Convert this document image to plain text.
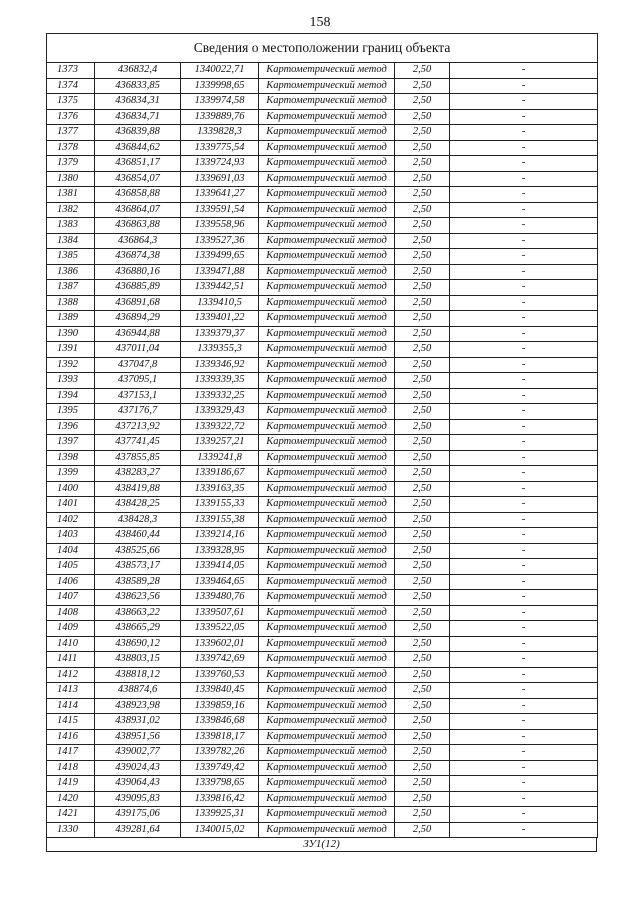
158
Сведения о местоположении границ объекта					
1373	436832,4	1340022,71	Картометрический метод	2,50	-
1374	436833,85	1339998,65	Картометрический метод	2,50	-
1375	436834,31	1339974,58	Картометрический метод	2,50	-
1376	436834,71	1339889,76	Картометрический метод	2,50	-
1377	436839,88	1339828,3	Картометрический метод	2,50	-
1378	436844,62	1339775,54	Картометрический метод	2,50	-
1379	436851,17	1339724,93	Картометрический метод	2,50	-
1380	436854,07	1339691,03	Картометрический метод	2,50	-
1381	436858,88	1339641,27	Картометрический метод	2,50	-
1382	436864,07	1339591,54	Картометрический метод	2,50	-
1383	436863,88	1339558,96	Картометрический метод	2,50	-
1384	436864,3	1339527,36	Картометрический метод	2,50	-
1385	436874,38	1339499,65	Картометрический метод	2,50	-
1386	436880,16	1339471,88	Картометрический метод	2,50	-
1387	436885,89	1339442,51	Картометрический метод	2,50	-
1388	436891,68	1339410,5	Картометрический метод	2,50	-
1389	436894,29	1339401,22	Картометрический метод	2,50	-
1390	436944,88	1339379,37	Картометрический метод	2,50	-
1391	437011,04	1339355,3	Картометрический метод	2,50	-
1392	437047,8	1339346,92	Картометрический метод	2,50	-
1393	437095,1	1339339,35	Картометрический метод	2,50	-
1394	437153,1	1339332,25	Картометрический метод	2,50	-
1395	437176,7	1339329,43	Картометрический метод	2,50	-
1396	437213,92	1339322,72	Картометрический метод	2,50	-
1397	437741,45	1339257,21	Картометрический метод	2,50	-
1398	437855,85	1339241,8	Картометрический метод	2,50	-
1399	438283,27	1339186,67	Картометрический метод	2,50	-
1400	438419,88	1339163,35	Картометрический метод	2,50	-
1401	438428,25	1339155,33	Картометрический метод	2,50	-
1402	438428,3	1339155,38	Картометрический метод	2,50	-
1403	438460,44	1339214,16	Картометрический метод	2,50	-
1404	438525,66	1339328,95	Картометрический метод	2,50	-
1405	438573,17	1339414,05	Картометрический метод	2,50	-
1406	438589,28	1339464,65	Картометрический метод	2,50	-
1407	438623,56	1339480,76	Картометрический метод	2,50	-
1408	438663,22	1339507,61	Картометрический метод	2,50	-
1409	438665,29	1339522,05	Картометрический метод	2,50	-
1410	438690,12	1339602,01	Картометрический метод	2,50	-
1411	438803,15	1339742,69	Картометрический метод	2,50	-
1412	438818,12	1339760,53	Картометрический метод	2,50	-
1413	438874,6	1339840,45	Картометрический метод	2,50	-
1414	438923,98	1339859,16	Картометрический метод	2,50	-
1415	438931,02	1339846,68	Картометрический метод	2,50	-
1416	438951,56	1339818,17	Картометрический метод	2,50	-
1417	439002,77	1339782,26	Картометрический метод	2,50	-
1418	439024,43	1339749,42	Картометрический метод	2,50	-
1419	439064,43	1339798,65	Картометрический метод	2,50	-
1420	439095,83	1339816,42	Картометрический метод	2,50	-
1421	439175,06	1339925,31	Картометрический метод	2,50	-
1330	439281,64	1340015,02	Картометрический метод	2,50	-
ЗУ1(12)
